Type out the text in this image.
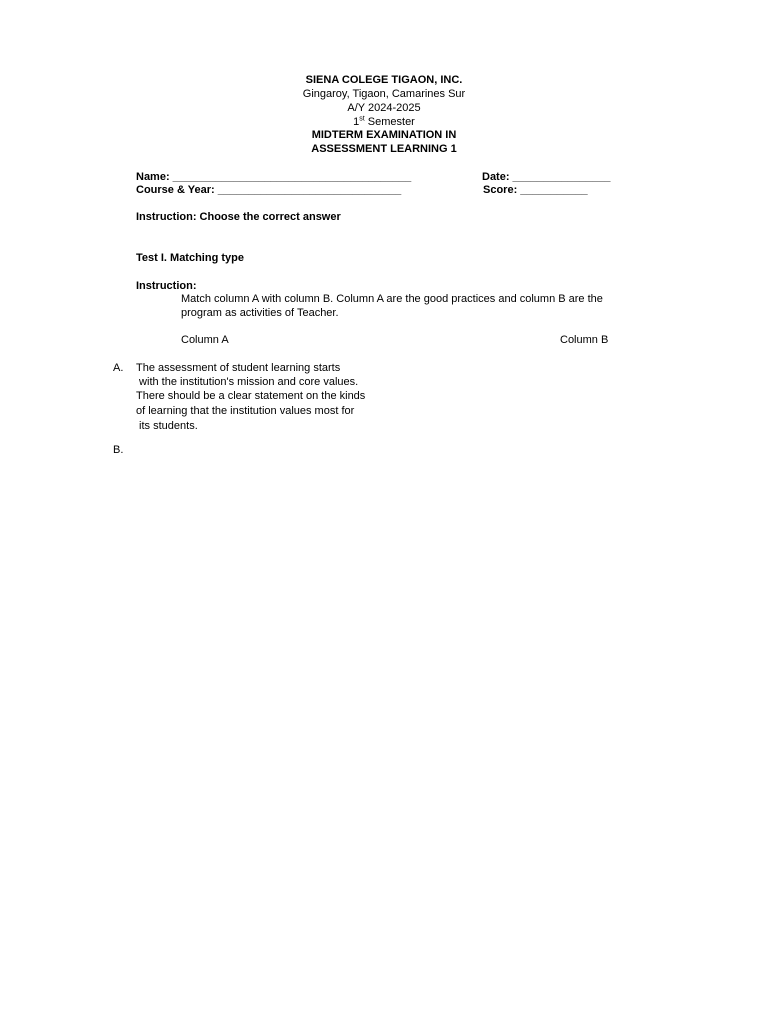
SIENA COLEGE TIGAON, INC.
Gingaroy, Tigaon, Camarines Sur
A/Y 2024-2025
1st Semester
MIDTERM EXAMINATION IN
ASSESSMENT LEARNING 1
Name: _______________________________________	Date: ________________
Course & Year: ______________________________	Score: ___________
Instruction: Choose the correct answer
Test I. Matching type
Instruction:
Match column A with column B. Column A are the good practices and column B are the
program as activities of Teacher.
Column A	Column B
A. The assessment of student learning starts
with the institution's mission and core values.
There should be a clear statement on the kinds
of learning that the institution values most for
its students.
B.
